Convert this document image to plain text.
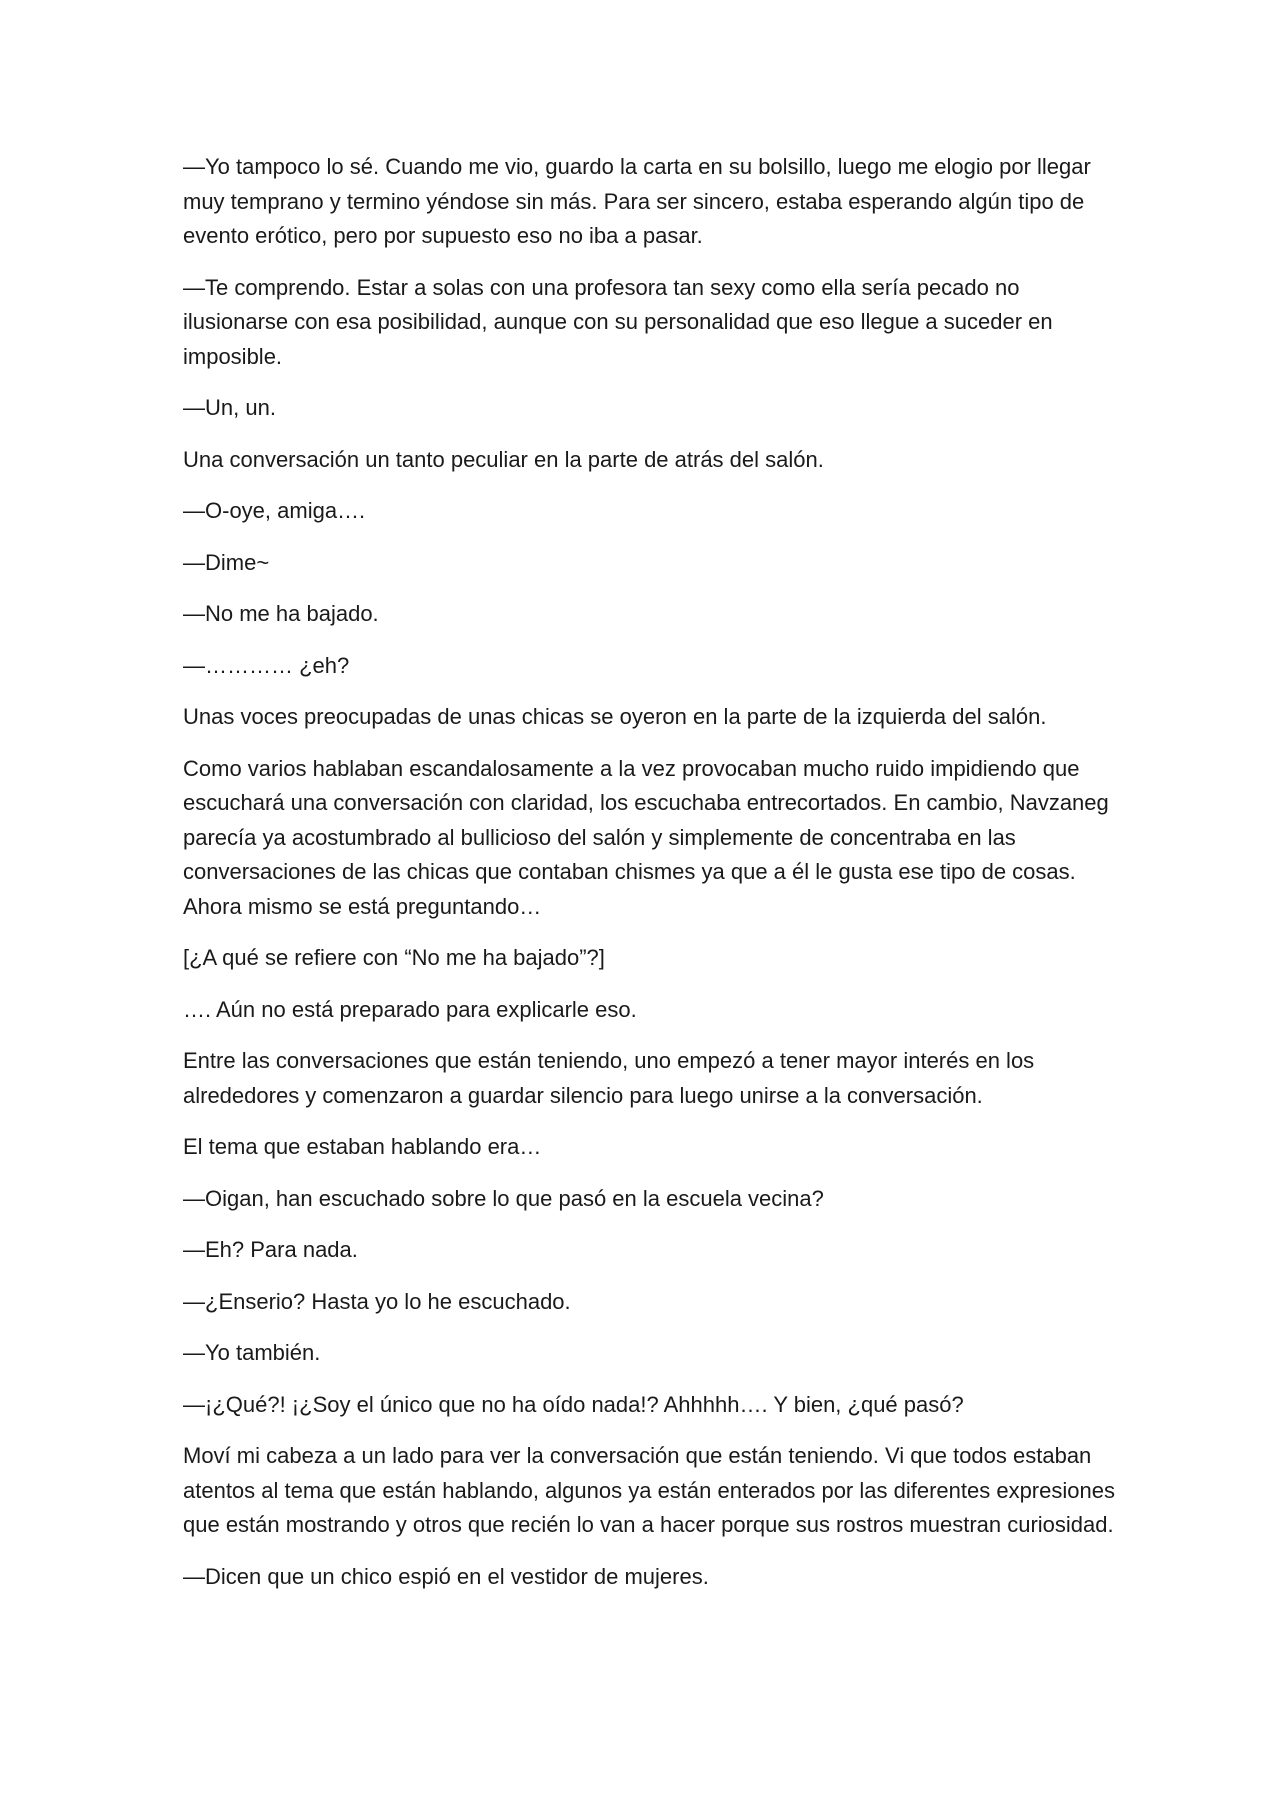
—Yo tampoco lo sé. Cuando me vio, guardo la carta en su bolsillo, luego me elogio por llegar muy temprano y termino yéndose sin más. Para ser sincero, estaba esperando algún tipo de evento erótico, pero por supuesto eso no iba a pasar.

—Te comprendo. Estar a solas con una profesora tan sexy como ella sería pecado no ilusionarse con esa posibilidad, aunque con su personalidad que eso llegue a suceder en imposible.

—Un, un.

Una conversación un tanto peculiar en la parte de atrás del salón.

—O-oye, amiga….

—Dime~

—No me ha bajado.

—………… ¿eh?

Unas voces preocupadas de unas chicas se oyeron en la parte de la izquierda del salón.

Como varios hablaban escandalosamente a la vez provocaban mucho ruido impidiendo que escuchará una conversación con claridad, los escuchaba entrecortados. En cambio, Navzaneg parecía ya acostumbrado al bullicioso del salón y simplemente de concentraba en las conversaciones de las chicas que contaban chismes ya que a él le gusta ese tipo de cosas. Ahora mismo se está preguntando…

[¿A qué se refiere con “No me ha bajado”?]

…. Aún no está preparado para explicarle eso.

Entre las conversaciones que están teniendo, uno empezó a tener mayor interés en los alrededores y comenzaron a guardar silencio para luego unirse a la conversación.

El tema que estaban hablando era…

—Oigan, han escuchado sobre lo que pasó en la escuela vecina?

—Eh? Para nada.

—¿Enserio? Hasta yo lo he escuchado.

—Yo también.

—¡¿Qué?! ¡¿Soy el único que no ha oído nada!? Ahhhhh…. Y bien, ¿qué pasó?

Moví mi cabeza a un lado para ver la conversación que están teniendo. Vi que todos estaban atentos al tema que están hablando, algunos ya están enterados por las diferentes expresiones que están mostrando y otros que recién lo van a hacer porque sus rostros muestran curiosidad.

—Dicen que un chico espió en el vestidor de mujeres.
